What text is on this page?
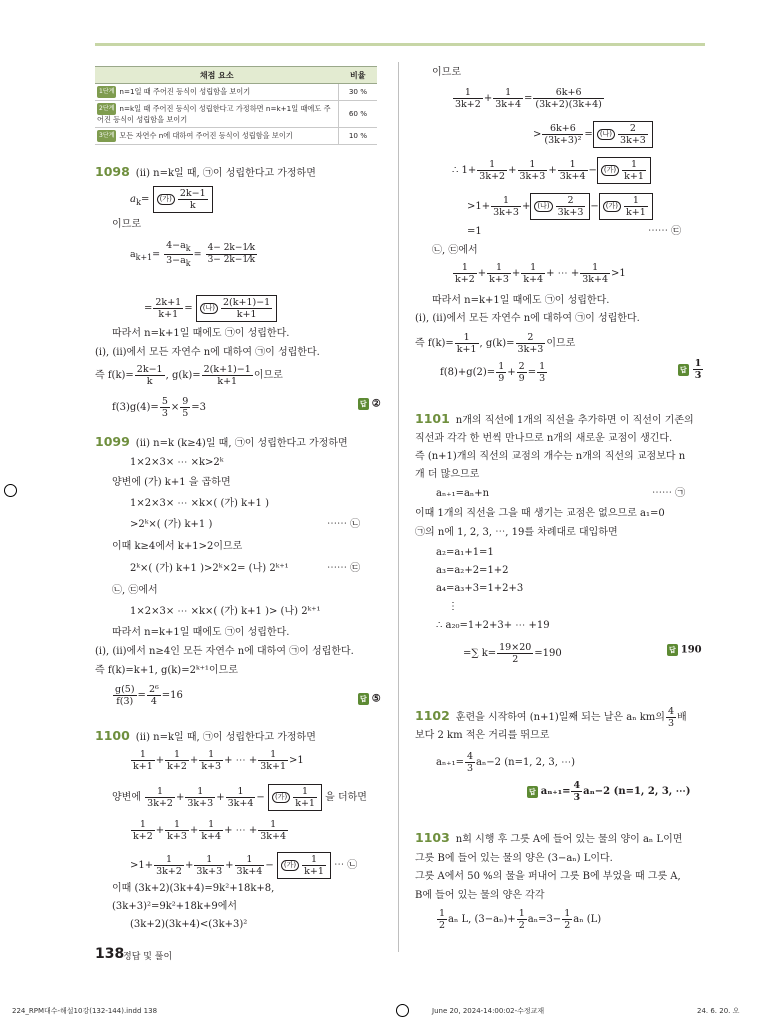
채점 요소	비율
1단계 n=1일 때 주어진 등식이 성립함을 보이기	30 %
2단계 n=k일 때 주어진 등식이 성립한다고 가정하면 n=k+1일 때에도 주어진 등식이 성립함을 보이기	60 %
3단계 모든 자연수 n에 대하여 주어진 등식이 성립함을 보이기	10 %
1098 (ii) n=k일 때, ㉠이 성립한다고 가정하면
$a_k=$ (가) $\frac{2k-1}{k}$
이므로
$a_{k+1}= \frac{4-a_k}{3-a_k} = \frac{4- 2k-1⁄k}{3- 2k-1⁄k}$
= $\frac{2k+1}{k+1}$ = (나) $\frac{2(k+1)-1}{k+1}$
따라서 n=k+1일 때에도 ㉠이 성립한다.
(i), (ii)에서 모든 자연수 n에 대하여 ㉠이 성립한다.
즉 $f(k)= \frac{2k-1}{k}$ , $g(k)= \frac{2(k+1)-1}{k+1}$ 이므로
$f(3)g(4)= \frac{5}{3} \times \frac{9}{5} =3$	답 ②
1099 (ii) n=k (k≥4)일 때, ㉠이 성립한다고 가정하면
1×2×3× ⋯ ×k>2ᵏ
양변에 (가) k+1 을 곱하면
1×2×3× ⋯ ×k×( (가) k+1 )
>2ᵏ×( (가) k+1 )	⋯⋯ ㉡
이때 k≥4에서 k+1>2이므로
2ᵏ×( (가) k+1 )>2ᵏ×2= (나) 2ᵏ⁺¹	⋯⋯ ㉢
㉡, ㉢에서
1×2×3× ⋯ ×k×( (가) k+1 )> (나) 2ᵏ⁺¹
따라서 n=k+1일 때에도 ㉠이 성립한다.
(i), (ii)에서 n≥4인 모든 자연수 n에 대하여 ㉠이 성립한다.
즉 f(k)=k+1, g(k)=2ᵏ⁺¹이므로
$\frac{g(5)}{f(3)} = \frac{\text{2⁶}}{4} =16$	답 ⑤
1100 (ii) n=k일 때, ㉠이 성립한다고 가정하면
$\frac{1}{k+1} + \frac{1}{k+2} + \frac{1}{k+3}$ + ⋯ + $\frac{1}{3k+1} >1$
양변에 $\frac{1}{3k+2} + \frac{1}{3k+3} + \frac{1}{3k+4}$ − (가) $\frac{1}{k+1}$ 을 더하면
$\frac{1}{k+2} + \frac{1}{k+3} + \frac{1}{k+4}$ + ⋯ + $\frac{1}{3k+4}$
$>1+ \frac{1}{3k+2} + \frac{1}{3k+3} + \frac{1}{3k+4}$ − (가) $\frac{1}{k+1}$ ⋯ ㉡
이때 (3k+2)(3k+4)=9k²+18k+8,
(3k+3)²=9k²+18k+9에서
(3k+2)(3k+4)<(3k+3)²
이므로
$\frac{1}{3k+2} + \frac{1}{3k+4} = \frac{6k+6}{(3k+2)(3k+4)}$
> $\frac{6k+6}{\text{(3k+3)²}}$ = (나) $\frac{2}{3k+3}$
∴ $1+ \frac{1}{3k+2} + \frac{1}{3k+3} + \frac{1}{3k+4}$ − (가) $\frac{1}{k+1}$
$>1+ \frac{1}{3k+3}$ + (나) $\frac{2}{3k+3}$ − (가) $\frac{1}{k+1}$
=1	⋯⋯ ㉢
㉡, ㉢에서
$\frac{1}{k+2} + \frac{1}{k+3} + \frac{1}{k+4}$ + ⋯ + $\frac{1}{3k+4} >1$
따라서 n=k+1일 때에도 ㉠이 성립한다.
(i), (ii)에서 모든 자연수 n에 대하여 ㉠이 성립한다.
즉 $f(k)= \frac{1}{k+1}$ , $g(k)= \frac{2}{3k+3}$ 이므로
$f(8)+g(2)= \frac{1}{9} + \frac{2}{9} = \frac{1}{3}$	답 $\frac{1}{3}$
1101 n개의 직선에 1개의 직선을 추가하면 이 직선이 기존의
직선과 각각 한 번씩 만나므로 n개의 새로운 교점이 생긴다.
즉 (n+1)개의 직선의 교점의 개수는 n개의 직선의 교점보다 n
개 더 많으므로
aₙ₊₁=aₙ+n	⋯⋯ ㉠
이때 1개의 직선을 그을 때 생기는 교점은 없으므로 a₁=0
㉠의 n에 1, 2, 3, ⋯, 19를 차례대로 대입하면
a₂=a₁+1=1
a₃=a₂+2=1+2
a₄=a₃+3=1+2+3
⋮
∴ a₂₀=1+2+3+ ⋯ +19
=∑ $k= \frac{19\times 20}{2} =190$	답 190
1102 훈련을 시작하여 (n+1)일째 되는 날은 aₙ km의 $\frac{4}{3}$ 배
보다 2 km 적은 거리를 뛰므로
$a_{n+1}= \frac{4}{3} a_n-2$ (n=1, 2, 3, ⋯)
답 $a_{n+1}= \frac{4}{3} a_n-2$ (n=1, 2, 3, ⋯)
1103 n회 시행 후 그릇 A에 들어 있는 물의 양이 aₙ L이면
그릇 B에 들어 있는 물의 양은 (3−aₙ) L이다.
그릇 A에서 50 %의 물을 퍼내어 그릇 B에 부었을 때 그릇 A,
B에 들어 있는 물의 양은 각각
$\frac{1}{2}$ aₙ L, $(3-a_n)+ \frac{1}{2} a_n=3- \frac{1}{2}$ aₙ (L)
138
정답 및 풀이
224_RPM대수-해설10강(132-144).indd 138	June 20, 2024-14:00:02-수정교재	24. 6. 20. 오
